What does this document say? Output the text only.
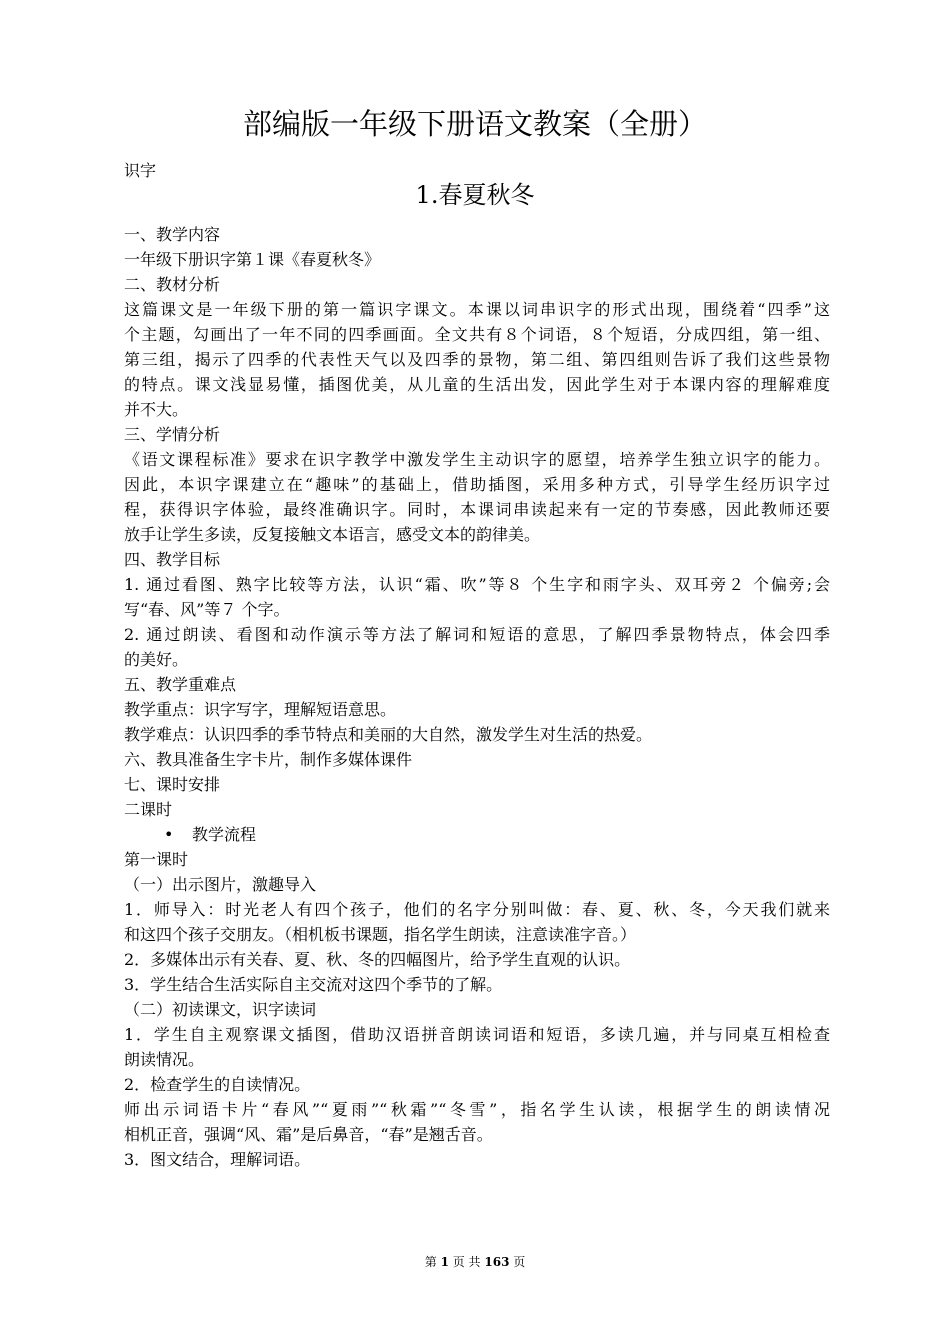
部编版一年级下册语文教案（全册）
识字
1.春夏秋冬
一、教学内容
一年级下册识字第１课《春夏秋冬》
二、教材分析
这篇课文是一年级下册的第一篇识字课文。本课以词串识字的形式出现，围绕着“四季”这
个主题，勾画出了一年不同的四季画面。全文共有８个词语，８个短语，分成四组，第一组、
第三组，揭示了四季的代表性天气以及四季的景物，第二组、第四组则告诉了我们这些景物
的特点。课文浅显易懂，插图优美，从儿童的生活出发，因此学生对于本课内容的理解难度
并不大。
三、学情分析
《语文课程标准》要求在识字教学中激发学生主动识字的愿望，培养学生独立识字的能力。
因此，本识字课建立在“趣味”的基础上，借助插图，采用多种方式，引导学生经历识字过
程，获得识字体验，最终准确识字。同时，本课词串读起来有一定的节奏感，因此教师还要
放手让学生多读，反复接触文本语言，感受文本的韵律美。
四、教学目标
1. 通过看图、熟字比较等方法，认识“霜、吹”等８ 个生字和雨字头、双耳旁２ 个偏旁;会
写“春、风”等７ 个字。
2. 通过朗读、看图和动作演示等方法了解词和短语的意思，了解四季景物特点，体会四季
的美好。
五、教学重难点
教学重点：识字写字，理解短语意思。
教学难点：认识四季的季节特点和美丽的大自然，激发学生对生活的热爱。
六、教具准备生字卡片，制作多媒体课件
七、课时安排
二课时
• 教学流程
第一课时
（一）出示图片，激趣导入
1．师导入：时光老人有四个孩子，他们的名字分别叫做：春、夏、秋、冬，今天我们就来
和这四个孩子交朋友。（相机板书课题，指名学生朗读，注意读准字音。）
2．多媒体出示有关春、夏、秋、冬的四幅图片，给予学生直观的认识。
3．学生结合生活实际自主交流对这四个季节的了解。
（二）初读课文，识字读词
1．学生自主观察课文插图，借助汉语拼音朗读词语和短语，多读几遍，并与同桌互相检查
朗读情况。
2．检查学生的自读情况。
师出示词语卡片“春风”“夏雨”“秋霜”“冬雪”，指名学生认读，根据学生的朗读情况
相机正音，强调“风、霜”是后鼻音，“春”是翘舌音。
3．图文结合，理解词语。
第 1 页 共 163 页
